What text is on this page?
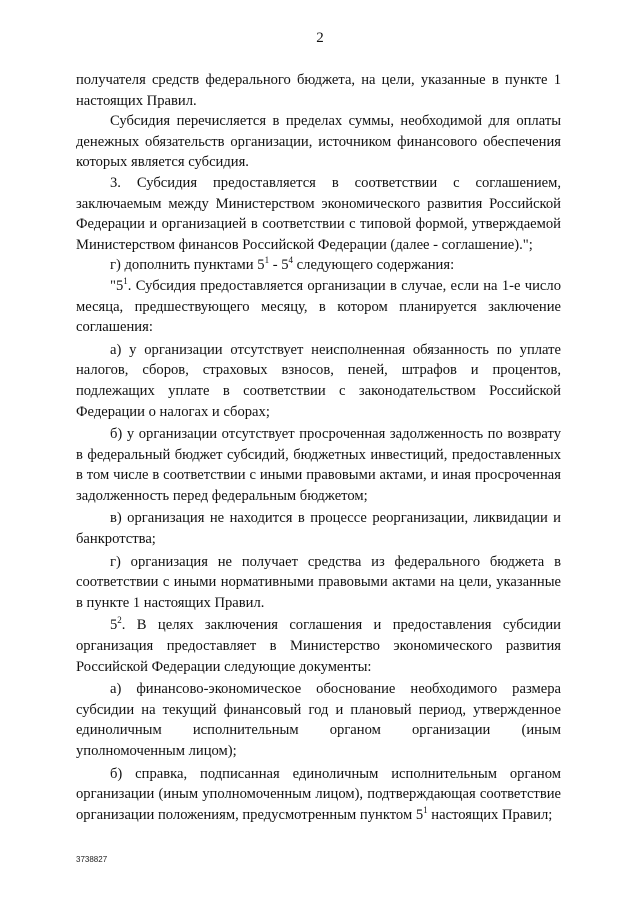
2

получателя средств федерального бюджета, на цели, указанные в пункте 1 настоящих Правил.

Субсидия перечисляется в пределах суммы, необходимой для оплаты денежных обязательств организации, источником финансового обеспечения которых является субсидия.

3. Субсидия предоставляется в соответствии с соглашением, заключаемым между Министерством экономического развития Российской Федерации и организацией в соответствии с типовой формой, утверждаемой Министерством финансов Российской Федерации (далее - соглашение).";

г) дополнить пунктами $5^1 - 5^4$ следующего содержания:

"$5^1$. Субсидия предоставляется организации в случае, если на 1-е число месяца, предшествующего месяцу, в котором планируется заключение соглашения:

а) у организации отсутствует неисполненная обязанность по уплате налогов, сборов, страховых взносов, пеней, штрафов и процентов, подлежащих уплате в соответствии с законодательством Российской Федерации о налогах и сборах;

б) у организации отсутствует просроченная задолженность по возврату в федеральный бюджет субсидий, бюджетных инвестиций, предоставленных в том числе в соответствии с иными правовыми актами, и иная просроченная задолженность перед федеральным бюджетом;

в) организация не находится в процессе реорганизации, ликвидации и банкротства;

г) организация не получает средства из федерального бюджета в соответствии с иными нормативными правовыми актами на цели, указанные в пункте 1 настоящих Правил.

$5^2$. В целях заключения соглашения и предоставления субсидии организация предоставляет в Министерство экономического развития Российской Федерации следующие документы:

а) финансово-экономическое обоснование необходимого размера субсидии на текущий финансовый год и плановый период, утвержденное единоличным исполнительным органом организации (иным уполномоченным лицом);

б) справка, подписанная единоличным исполнительным органом организации (иным уполномоченным лицом), подтверждающая соответствие организации положениям, предусмотренным пунктом $5^1$ настоящих Правил;

3738827
